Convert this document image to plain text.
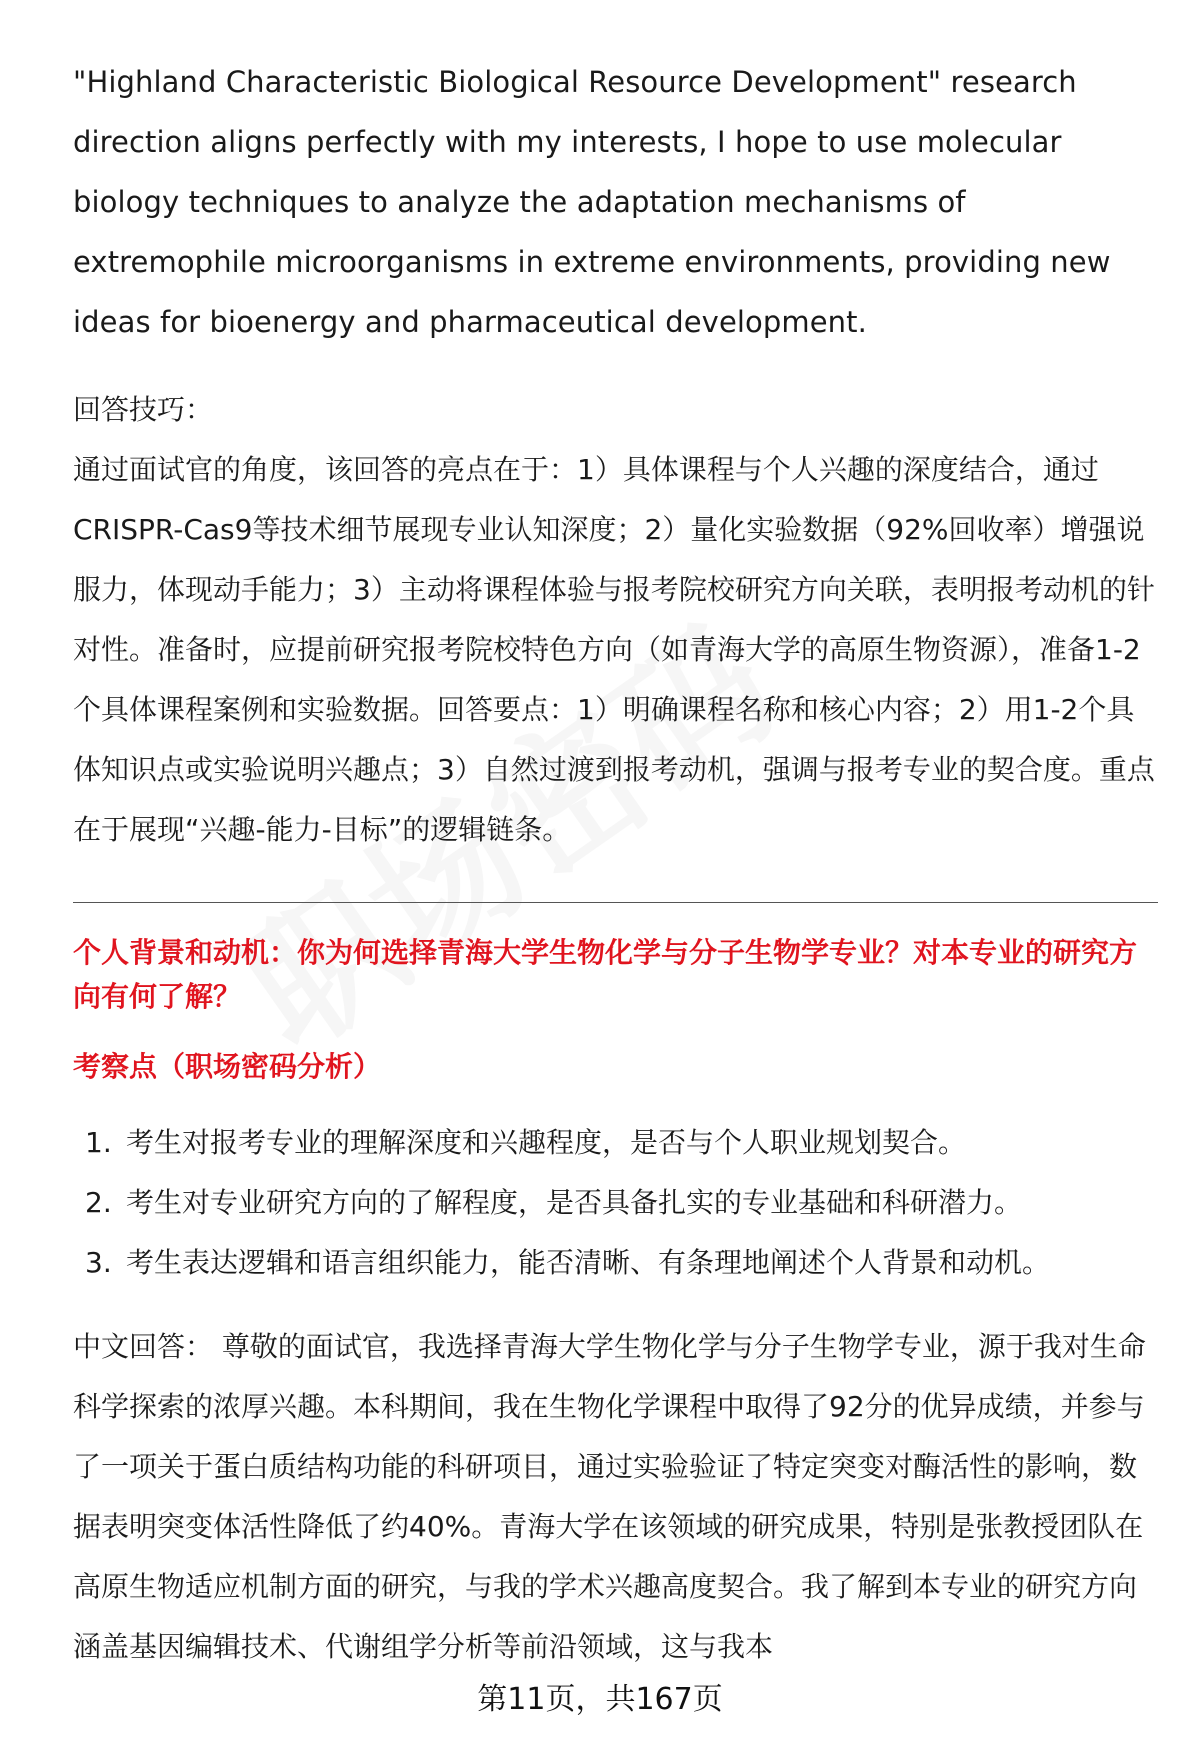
"Highland Characteristic Biological Resource Development" research direction aligns perfectly with my interests, I hope to use molecular biology techniques to analyze the adaptation mechanisms of extremophile microorganisms in extreme environments, providing new ideas for bioenergy and pharmaceutical development.

回答技巧：

通过面试官的角度，该回答的亮点在于：1）具体课程与个人兴趣的深度结合，通过CRISPR-Cas9等技术细节展现专业认知深度；2）量化实验数据（92%回收率）增强说服力，体现动手能力；3）主动将课程体验与报考院校研究方向关联，表明报考动机的针对性。准备时，应提前研究报考院校特色方向（如青海大学的高原生物资源），准备1-2个具体课程案例和实验数据。回答要点：1）明确课程名称和核心内容；2）用1-2个具体知识点或实验说明兴趣点；3）自然过渡到报考动机，强调与报考专业的契合度。重点在于展现“兴趣-能力-目标”的逻辑链条。

个人背景和动机：你为何选择青海大学生物化学与分子生物学专业？对本专业的研究方向有何了解？

考察点（职场密码分析）

1. 考生对报考专业的理解深度和兴趣程度，是否与个人职业规划契合。
2. 考生对专业研究方向的了解程度，是否具备扎实的专业基础和科研潜力。
3. 考生表达逻辑和语言组织能力，能否清晰、有条理地阐述个人背景和动机。

中文回答： 尊敬的面试官，我选择青海大学生物化学与分子生物学专业，源于我对生命科学探索的浓厚兴趣。本科期间，我在生物化学课程中取得了92分的优异成绩，并参与了一项关于蛋白质结构功能的科研项目，通过实验验证了特定突变对酶活性的影响，数据表明突变体活性降低了约40%。青海大学在该领域的研究成果，特别是张教授团队在高原生物适应机制方面的研究，与我的学术兴趣高度契合。我了解到本专业的研究方向涵盖基因编辑技术、代谢组学分析等前沿领域，这与我本

第11页，共167页
